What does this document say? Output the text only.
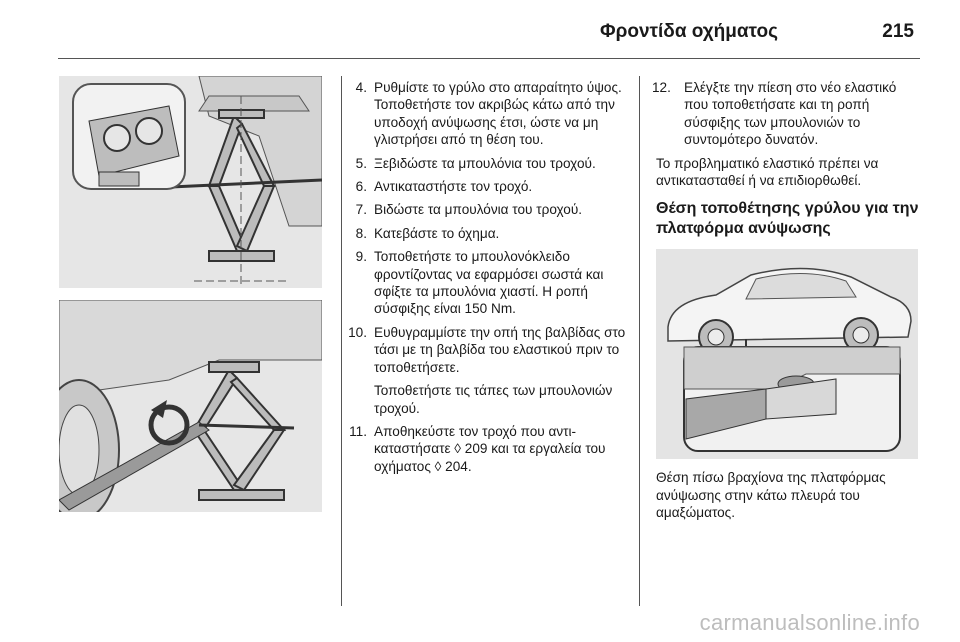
Φροντίδα οχήματος	215
4. Ρυθμίστε το γρύλο στο απαραίτητο ύψος. Τοποθετήστε τον ακριβώς κάτω από την υποδοχή ανύψωσης έτσι, ώστε να μη γλιστρήσει από τη θέση του.
5. Ξεβιδώστε τα μπουλόνια του τροχού.
6. Αντικαταστήστε τον τροχό.
7. Βιδώστε τα μπουλόνια του τροχού.
8. Κατεβάστε το όχημα.
9. Τοποθετήστε το μπουλονόκλειδο φροντίζοντας να εφαρμόσει σωστά και σφίξτε τα μπουλόνια χιαστί. Η ροπή σύσφιξης είναι 150 Nm.
10. Ευθυγραμμίστε την οπή της βαλβίδας στο τάσι με τη βαλβίδα του ελαστικού πριν το τοποθετήσετε.
Τοποθετήστε τις τάπες των μπουλονιών τροχού.
11. Αποθηκεύστε τον τροχό που αντικαταστήσατε ◊ 209 και τα εργαλεία του οχήματος ◊ 204.
12. Ελέγξτε την πίεση στο νέο ελαστικό που τοποθετήσατε και τη ροπή σύσφιξης των μπουλονιών το συντομότερο δυνατόν.
Το προβληματικό ελαστικό πρέπει να αντικατασταθεί ή να επιδιορθωθεί.
Θέση τοποθέτησης γρύλου για την πλατφόρμα ανύψωσης
Θέση πίσω βραχίονα της πλατφόρμας ανύψωσης στην κάτω πλευρά του αμαξώματος.
carmanualsonline.info
